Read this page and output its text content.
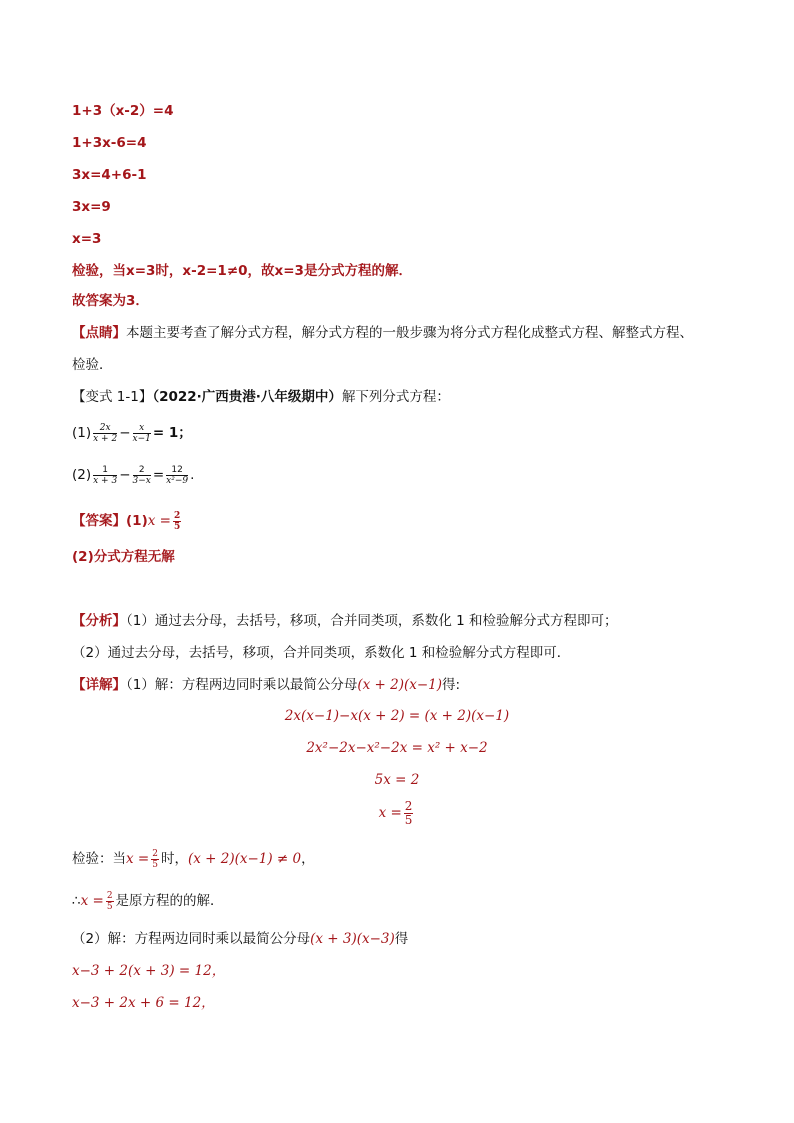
1+3（x-2）=4
1+3x-6=4
3x=4+6-1
3x=9
x=3
检验，当x=3时，x-2=1≠0，故x=3是分式方程的解．
故答案为3．
【点睛】本题主要考查了解分式方程，解分式方程的一般步骤为将分式方程化成整式方程、解整式方程、
检验．
【变式 1-1】（2022·广西贵港·八年级期中）解下列分式方程：
$(1) \frac{2x}{x + 2} - \frac{x}{x-1} = 1$；
$(2) \frac{1}{x + 3} - \frac{2}{3-x} = \frac{12}{\text{x²−9}}$ .
【答案】$(1)x = \frac{2}{5}$
(2)分式方程无解
【分析】（1）通过去分母，去括号，移项，合并同类项，系数化 1 和检验解分式方程即可；
（2）通过去分母，去括号，移项，合并同类项，系数化 1 和检验解分式方程即可．
【详解】（1）解：方程两边同时乘以最简公分母(x + 2)(x−1)得:
2x(x−1)−x(x + 2) = (x + 2)(x−1)
2x²−2x−x²−2x = x² + x−2
5x = 2
$x = \frac{2}{5}$
检验：当$x = \frac{2}{5}$ 时，(x + 2)(x−1) ≠ 0，
∴x = $\frac{2}{5}$ 是原方程的的解．
（2）解：方程两边同时乘以最简公分母(x + 3)(x−3)得
x−3 + 2(x + 3) = 12，
x−3 + 2x + 6 = 12，
